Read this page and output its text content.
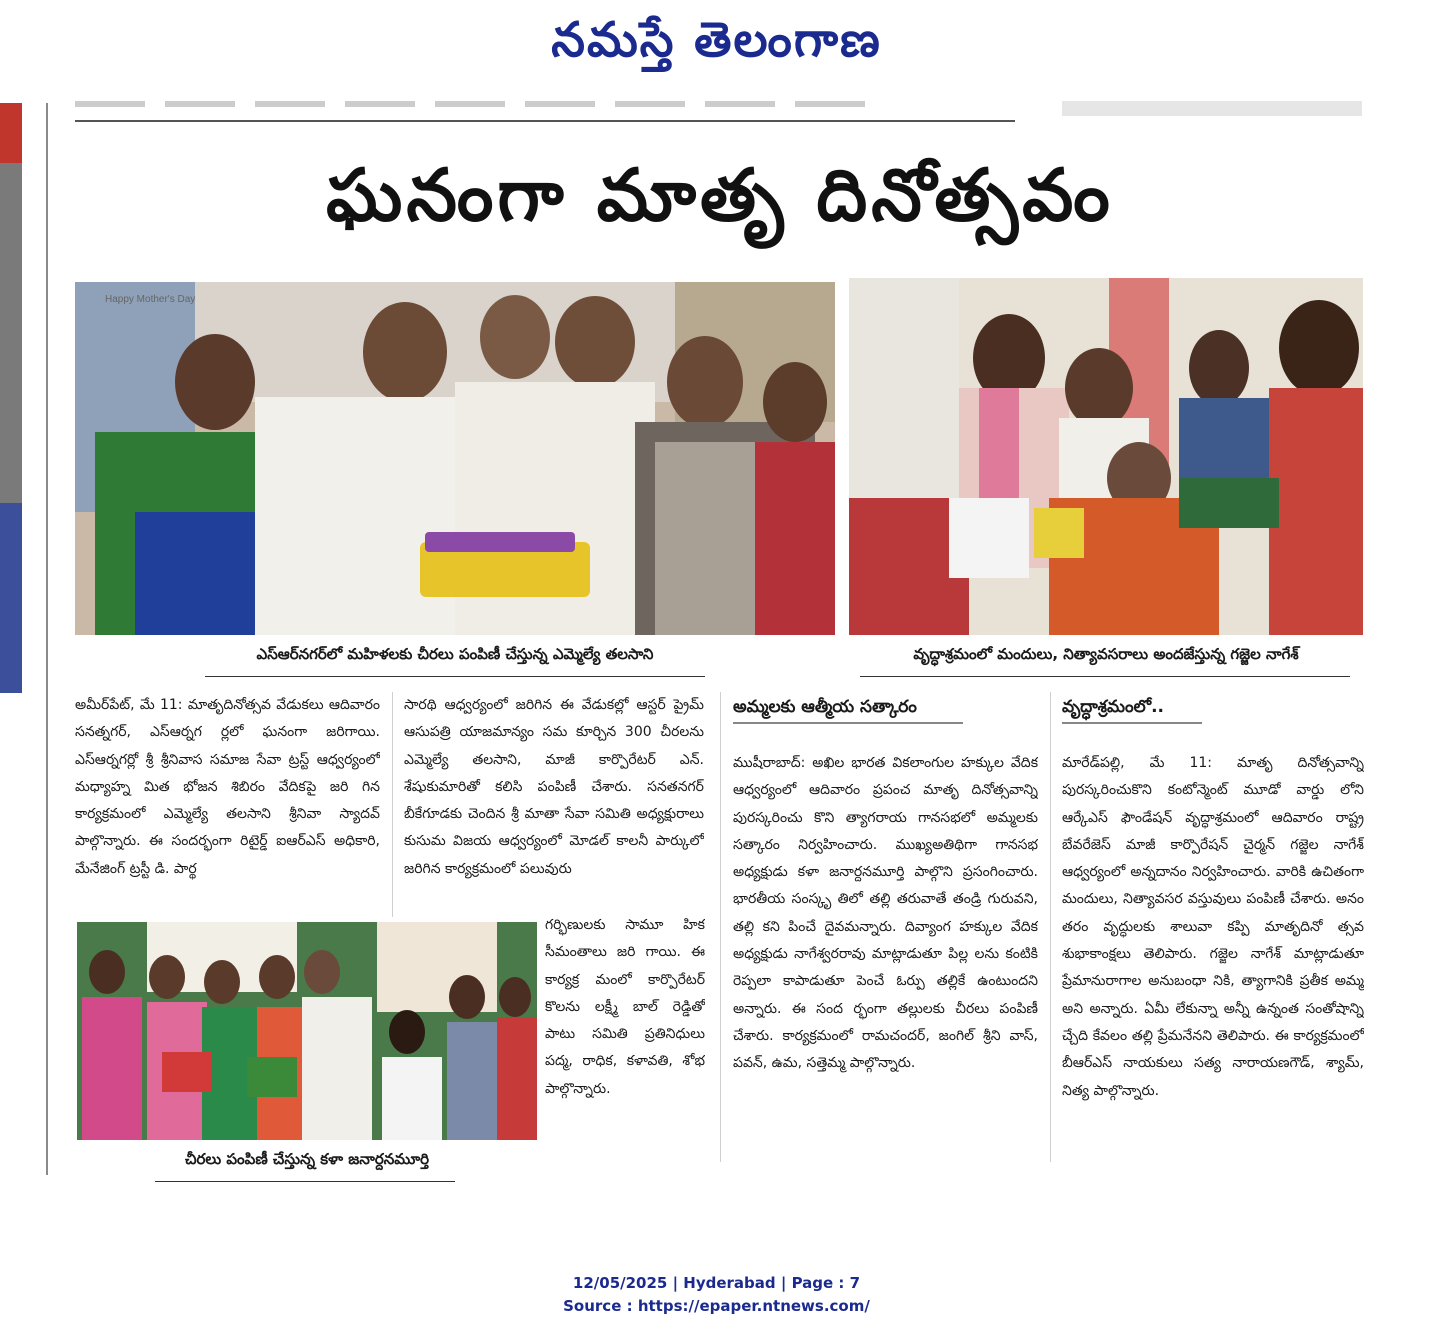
నమస్తే తెలంగాణ
ఘనంగా మాతృ దినోత్సవం
Happy Mother's Day
ఎస్ఆర్‌నగర్‌లో మహిళలకు చీరలు పంపిణీ చేస్తున్న ఎమ్మెల్యే తలసాని	వృద్ధాశ్రమంలో మందులు, నిత్యావసరాలు అందజేస్తున్న గజ్జెల నాగేశ్
అమీర్‌పేట్, మే 11: మాతృదినోత్సవ వేడుకలు ఆదివారం సనత్నగర్, ఎస్ఆర్నగ ర్లలో ఘనంగా జరిగాయి. ఎస్ఆర్నగర్లో శ్రీ శ్రీనివాస సమాజ సేవా ట్రస్ట్ ఆధ్వర్యంలో మధ్యాహ్న మిత భోజన శిబిరం వేదికపై జరి గిన కార్యక్రమంలో ఎమ్మెల్యే తలసాని శ్రీనివా స్యాదవ్ పాల్గొన్నారు. ఈ సందర్భంగా రిటైర్డ్ ఐఆర్ఎస్ అధికారి, మేనేజింగ్ ట్రస్టీ డి. పార్థ
సారథి ఆధ్వర్యంలో జరిగిన ఈ వేడుకల్లో ఆస్టర్ ప్రైమ్ ఆసుపత్రి యాజమాన్యం సమ కూర్చిన 300 చీరలను ఎమ్మెల్యే తలసాని, మాజీ కార్పొరేటర్ ఎన్. శేషుకుమారితో కలిసి పంపిణీ చేశారు. సనతనగర్ బీకేగూడకు చెందిన శ్రీ మాతా సేవా సమితి అధ్యక్షురాలు కుసుమ విజయ ఆధ్వర్యంలో మోడల్ కాలనీ పార్కులో జరిగిన కార్యక్రమంలో పలువురు
చీరలు పంపిణీ చేస్తున్న కళా జనార్దనమూర్తి
గర్భిణులకు సామూ హిక సీమంతాలు జరి గాయి. ఈ కార్యక్ర మంలో కార్పొరేటర్ కొలను లక్ష్మీ బాల్ రెడ్డితో పాటు సమితి ప్రతినిధులు పద్మ, రాధిక, కళావతి, శోభ పాల్గొన్నారు.
అమ్మలకు ఆత్మీయ సత్కారం
ముషీరాబాద్: అఖిల భారత వికలాంగుల హక్కుల వేదిక ఆధ్వర్యంలో ఆదివారం ప్రపంచ మాతృ దినోత్సవాన్ని పురస్కరించు కొని త్యాగరాయ గానసభలో అమ్మలకు సత్కారం నిర్వహించారు. ముఖ్యఅతిథిగా గానసభ అధ్యక్షుడు కళా జనార్దనమూర్తి పాల్గొని ప్రసంగించారు. భారతీయ సంస్కృ తిలో తల్లి తరువాతే తండ్రి గురువని, తల్లి కని పించే దైవమన్నారు. దివ్యాంగ హక్కుల వేదిక అధ్యక్షుడు నాగేశ్వరరావు మాట్లాడుతూ పిల్ల లను కంటికి రెప్పలా కాపాడుతూ పెంచే ఓర్పు తల్లికే ఉంటుందని అన్నారు. ఈ సంద ర్భంగా తల్లులకు చీరలు పంపిణీ చేశారు. కార్యక్రమంలో రామచందర్, జంగిల్ శ్రీని వాస్, పవన్, ఉమ, సత్తెమ్మ పాల్గొన్నారు.
వృద్ధాశ్రమంలో..
మారేడ్‌పల్లి, మే 11: మాతృ దినోత్సవాన్ని పురస్కరించుకొని కంటోన్మెంట్ మూడో వార్డు లోని ఆర్కేఎస్ ఫౌండేషన్ వృద్ధాశ్రమంలో ఆదివారం రాష్ట్ర బేవరేజెస్ మాజీ కార్పొరేషన్ చైర్మన్ గజ్జెల నాగేశ్ ఆధ్వర్యంలో అన్నదానం నిర్వహించారు. వారికి ఉచితంగా మందులు, నిత్యావసర వస్తువులు పంపిణీ చేశారు. అనం తరం వృద్ధులకు శాలువా కప్పి మాతృదినో త్సవ శుభాకాంక్షలు తెలిపారు. గజ్జెల నాగేశ్ మాట్లాడుతూ ప్రేమానురాగాల అనుబంధా నికి, త్యాగానికి ప్రతీక అమ్మ అని అన్నారు. ఏమీ లేకున్నా అన్నీ ఉన్నంత సంతోషాన్ని చ్చేది కేవలం తల్లి ప్రేమనేనని తెలిపారు. ఈ కార్యక్రమంలో బీఆర్ఎస్ నాయకులు సత్య నారాయణగౌడ్, శ్యామ్, నిత్య పాల్గొన్నారు.
12/05/2025 | Hyderabad | Page : 7
Source : https://epaper.ntnews.com/
